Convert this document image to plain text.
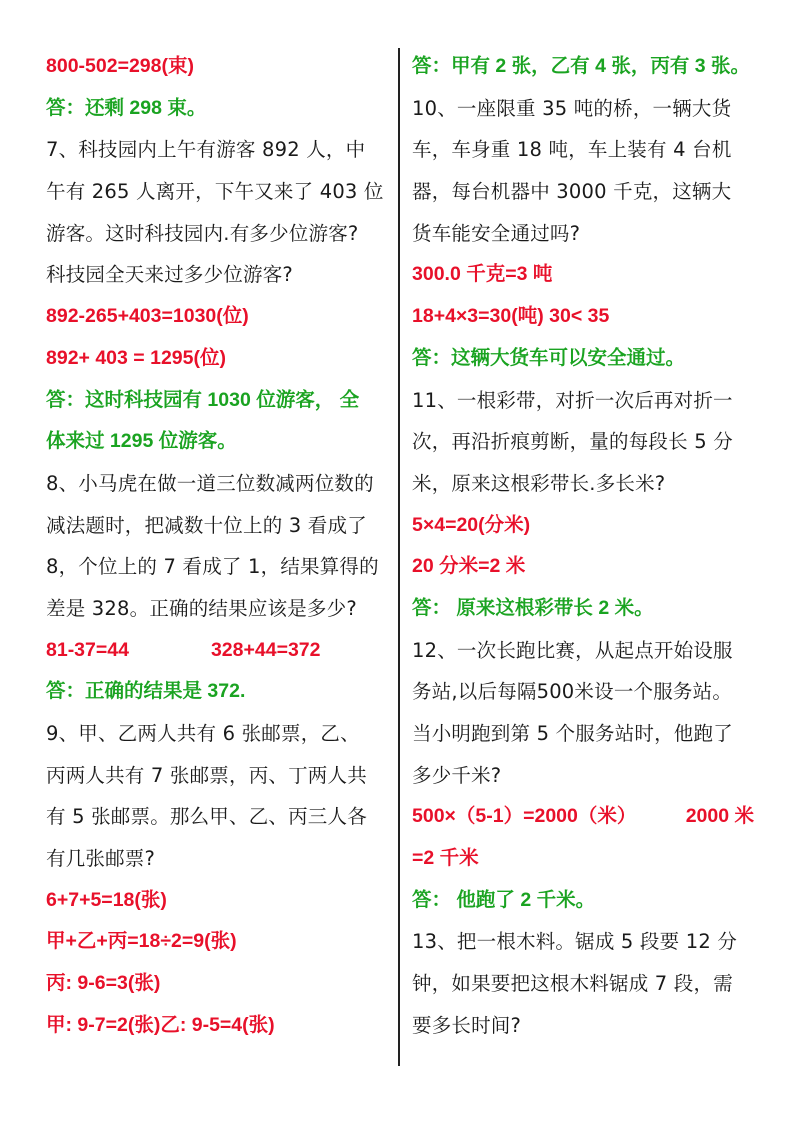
800-502=298(束)
答：还剩 298 束。
7、科技园内上午有游客 892 人，中
午有 265 人离开，下午又来了 403 位
游客。这时科技园内.有多少位游客?
科技园全天来过多少位游客?
892-265+403=1030(位)
892+ 403 = 1295(位)
答：这时科技园有 1030 位游客， 全
体来过 1295 位游客。
8、小马虎在做一道三位数减两位数的
减法题时，把减数十位上的 3 看成了
8，个位上的 7 看成了 1，结果算得的
差是 328。正确的结果应该是多少?
81-37=44	328+44=372
答：正确的结果是 372.
9、甲、乙两人共有 6 张邮票，乙、
丙两人共有 7 张邮票，丙、丁两人共
有 5 张邮票。那么甲、乙、丙三人各
有几张邮票?
6+7+5=18(张)
甲+乙+丙=18÷2=9(张)
丙: 9-6=3(张)
甲: 9-7=2(张)乙: 9-5=4(张)
答：甲有 2 张，乙有 4 张，丙有 3 张。
10、一座限重 35 吨的桥，一辆大货
车，车身重 18 吨，车上装有 4 台机
器，每台机器中 3000 千克，这辆大
货车能安全通过吗?
300.0 千克=3 吨
18+4×3=30(吨) 30< 35
答：这辆大货车可以安全通过。
11、一根彩带，对折一次后再对折一
次，再沿折痕剪断，量的每段长 5 分
米，原来这根彩带长.多长米?
5×4=20(分米)
20 分米=2 米
答： 原来这根彩带长 2 米。
12、一次长跑比赛，从起点开始设服
务站,以后每隔500米设一个服务站。
当小明跑到第 5 个服务站时，他跑了
多少千米?
500×（5-1）=2000（米）	2000 米
=2 千米
答： 他跑了 2 千米。
13、把一根木料。锯成 5 段要 12 分
钟，如果要把这根木料锯成 7 段，需
要多长时间?
